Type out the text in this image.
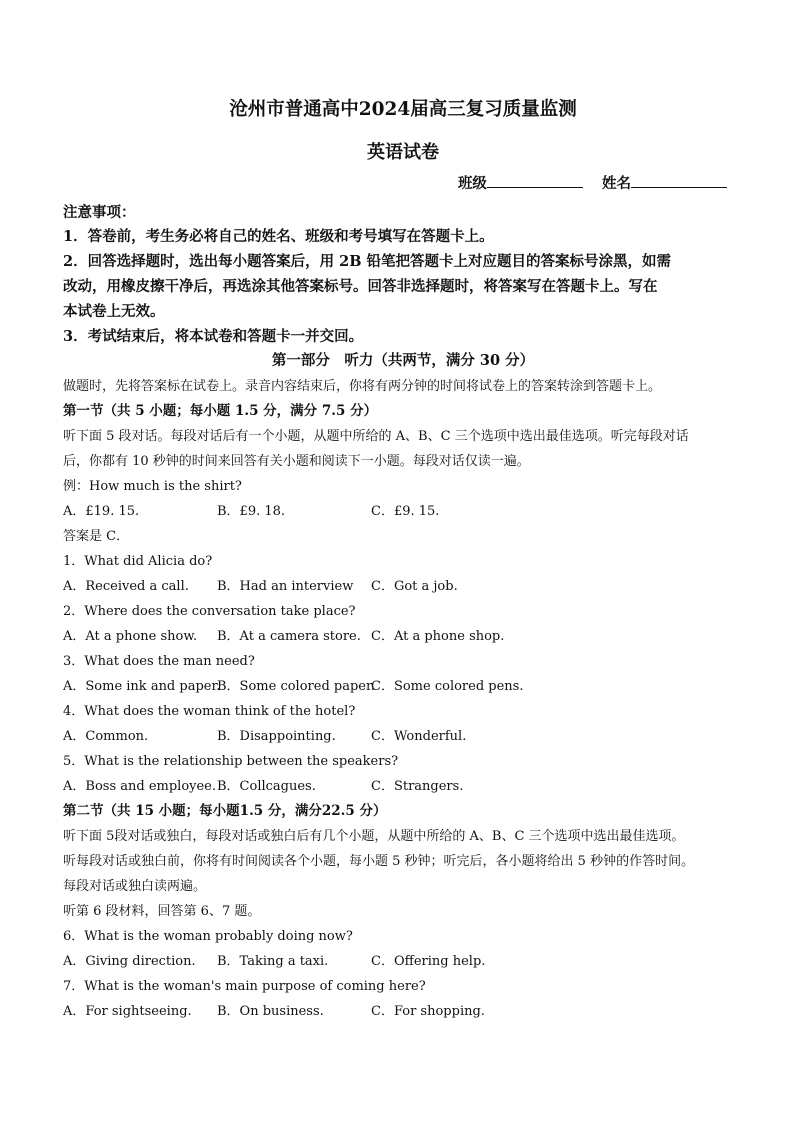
沧州市普通高中2024届高三复习质量监测
英语试卷
班级	姓名
注意事项：
1．答卷前，考生务必将自己的姓名、班级和考号填写在答题卡上。
2．回答选择题时，选出每小题答案后，用 2B 铅笔把答题卡上对应题目的答案标号涂黑，如需
改动，用橡皮擦干净后，再选涂其他答案标号。回答非选择题时，将答案写在答题卡上。写在
本试卷上无效。
3．考试结束后，将本试卷和答题卡一并交回。
第一部分　听力（共两节，满分 30 分）
做题时，先将答案标在试卷上。录音内容结束后，你将有两分钟的时间将试卷上的答案转涂到答题卡上。
第一节（共 5 小题；每小题 1.5 分，满分 7.5 分）
听下面 5 段对话。每段对话后有一个小题，从题中所给的 A、B、C 三个选项中选出最佳选项。听完每段对话
后，你都有 10 秒钟的时间来回答有关小题和阅读下一小题。每段对话仅读一遍。
例：How much is the shirt?
A．£19. 15.	B．£9. 18.	C．£9. 15.
答案是 C．
1．What did Alicia do?
A．Received a call. B．Had an interview C．Got a job.
2．Where does the conversation take place?
A．At a phone show. B．At a camera store. C．At a phone shop.
3．What does the man need?
A．Some ink and paper.
B．Some colored paper.
C．Some colored pens.
4．What does the woman think of the hotel?
A．Common.	B．Disappointing.	C．Wonderful.
5．What is the relationship between the speakers?
A．Boss and employee. B．Collcagues.	C．Strangers.
第二节（共 15 小题；每小题1.5 分，满分22.5 分）
听下面 5段对话或独白，每段对话或独白后有几个小题，从题中所给的 A、B、C 三个选项中选出最佳选项。
听每段对话或独白前，你将有时间阅读各个小题，每小题 5 秒钟；听完后，各小题将给出 5 秒钟的作答时间。
每段对话或独白读两遍。
听第 6 段材料，回答第 6、7 题。
6．What is the woman probably doing now?
A．Giving direction. B．Taking a taxi.	C．Offering help.
7．What is the woman's main purpose of coming here?
A．For sightseeing. B．On business.	C．For shopping.
